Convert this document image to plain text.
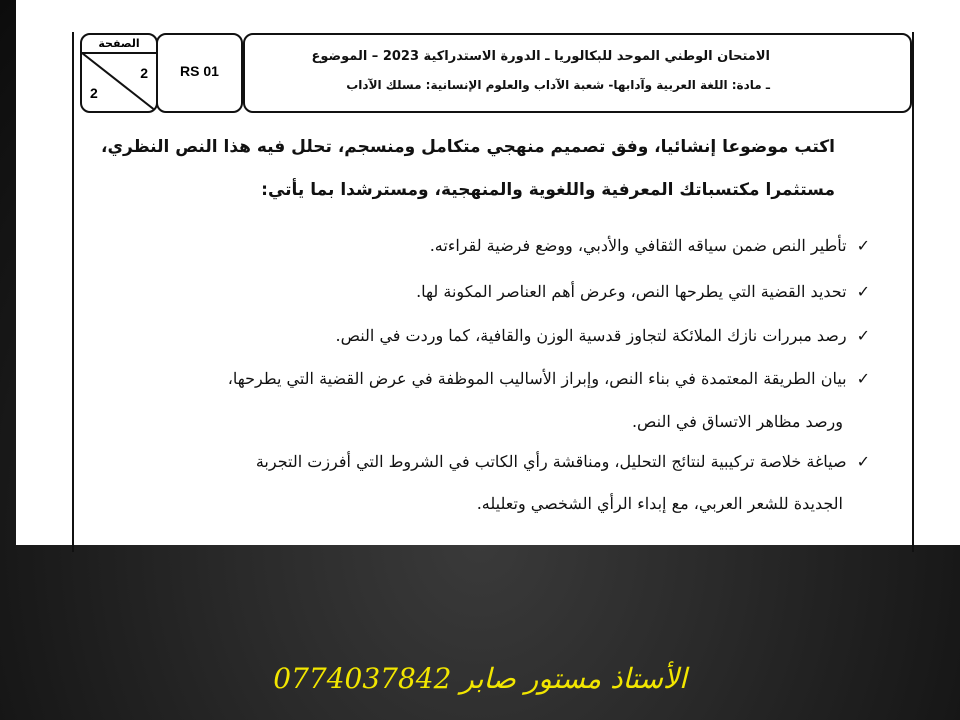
الصفحة
2
2
RS 01
الامتحان الوطني الموحد للبكالوريا ـ الدورة الاستدراكية 2023 – الموضوع
ـ مادة: اللغة العربية وآدابها- شعبة الآداب والعلوم الإنسانية: مسلك الآداب
اكتب موضوعا إنشائيا، وفق تصميم منهجي متكامل ومنسجم، تحلل فيه هذا النص النظري،
مستثمرا مكتسباتك المعرفية واللغوية والمنهجية، ومسترشدا بما يأتي:
✓تأطير النص ضمن سياقه الثقافي والأدبي، ووضع فرضية لقراءته.
✓تحديد القضية التي يطرحها النص، وعرض أهم العناصر المكونة لها.
✓رصد مبررات نازك الملائكة لتجاوز قدسية الوزن والقافية، كما وردت في النص.
✓بيان الطريقة المعتمدة في بناء النص، وإبراز الأساليب الموظفة في عرض القضية التي يطرحها،
ورصد مظاهر الاتساق في النص.
✓صياغة خلاصة تركيبية لنتائج التحليل، ومناقشة رأي الكاتب في الشروط التي أفرزت التجربة
الجديدة للشعر العربي، مع إبداء الرأي الشخصي وتعليله.
الأستاذ مستور صابر 0774037842
